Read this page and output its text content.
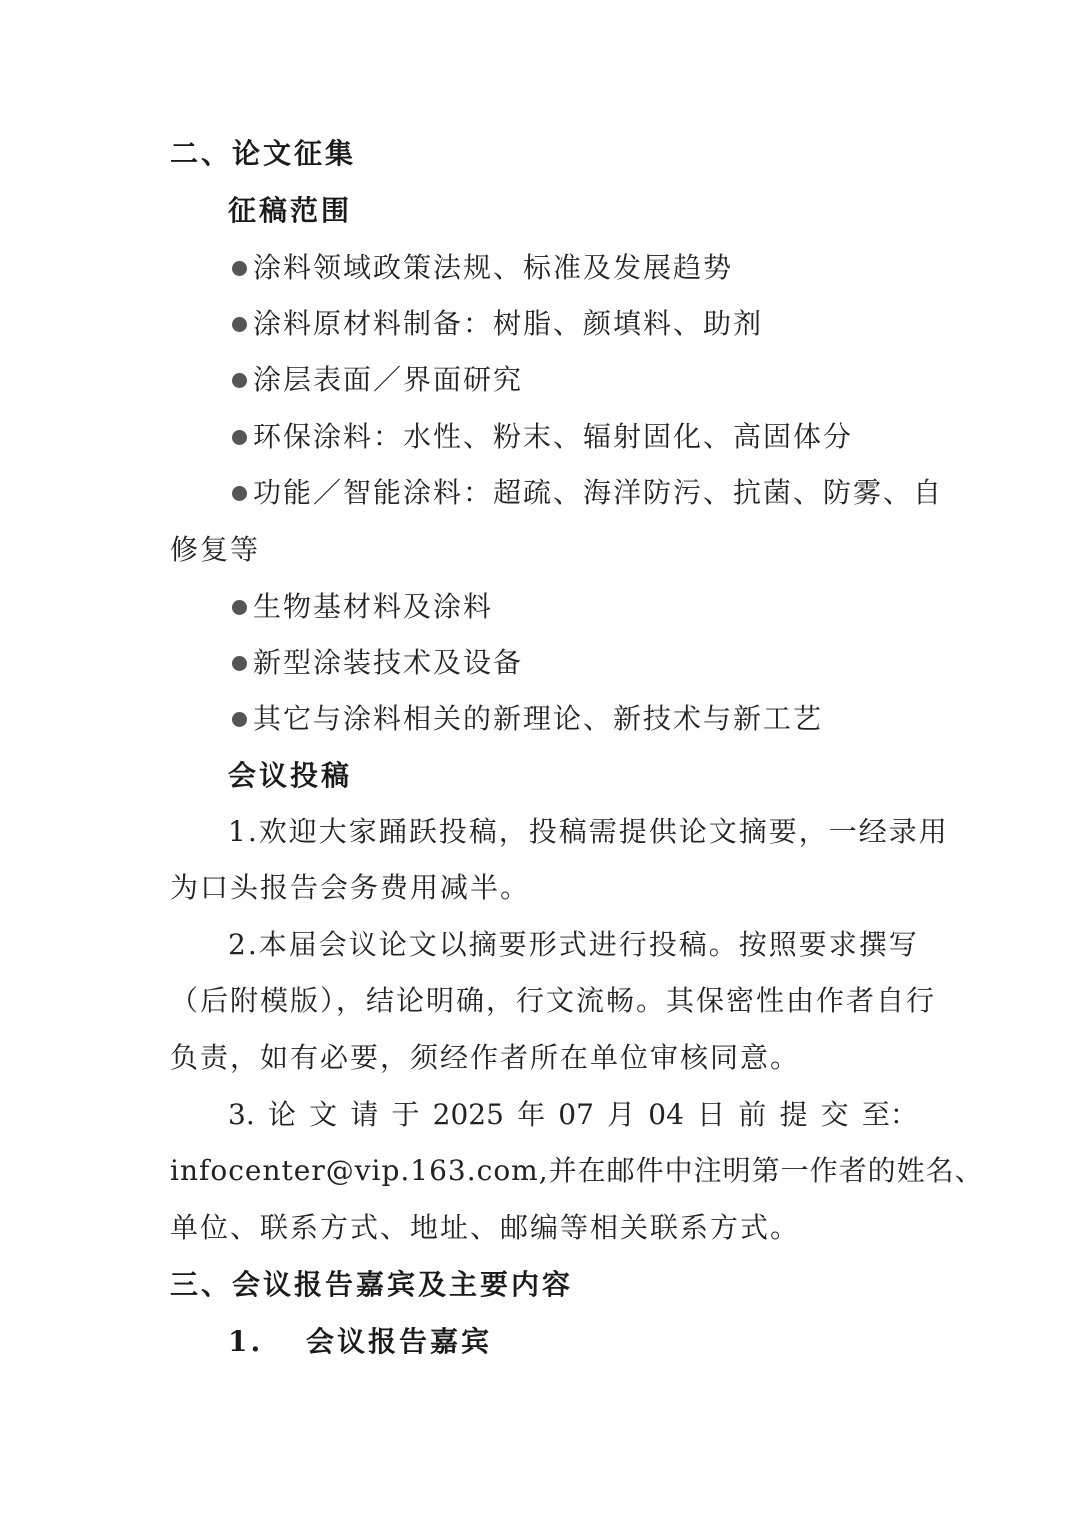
二、论文征集

征稿范围

涂料领域政策法规、标准及发展趋势
涂料原材料制备：树脂、颜填料、助剂
涂层表面／界面研究
环保涂料：水性、粉末、辐射固化、高固体分
功能／智能涂料：超疏、海洋防污、抗菌、防雾、自

修复等

生物基材料及涂料
新型涂装技术及设备
其它与涂料相关的新理论、新技术与新工艺

会议投稿

1.欢迎大家踊跃投稿，投稿需提供论文摘要，一经录用

为口头报告会务费用减半。

2.本届会议论文以摘要形式进行投稿。按照要求撰写

（后附模版），结论明确，行文流畅。其保密性由作者自行

负责，如有必要，须经作者所在单位审核同意。

3. 论 文 请 于 2025 年 07 月 04 日 前 提 交 至：

infocenter@vip.163.com,并在邮件中注明第一作者的姓名、

单位、联系方式、地址、邮编等相关联系方式。

三、会议报告嘉宾及主要内容

1. 会议报告嘉宾
